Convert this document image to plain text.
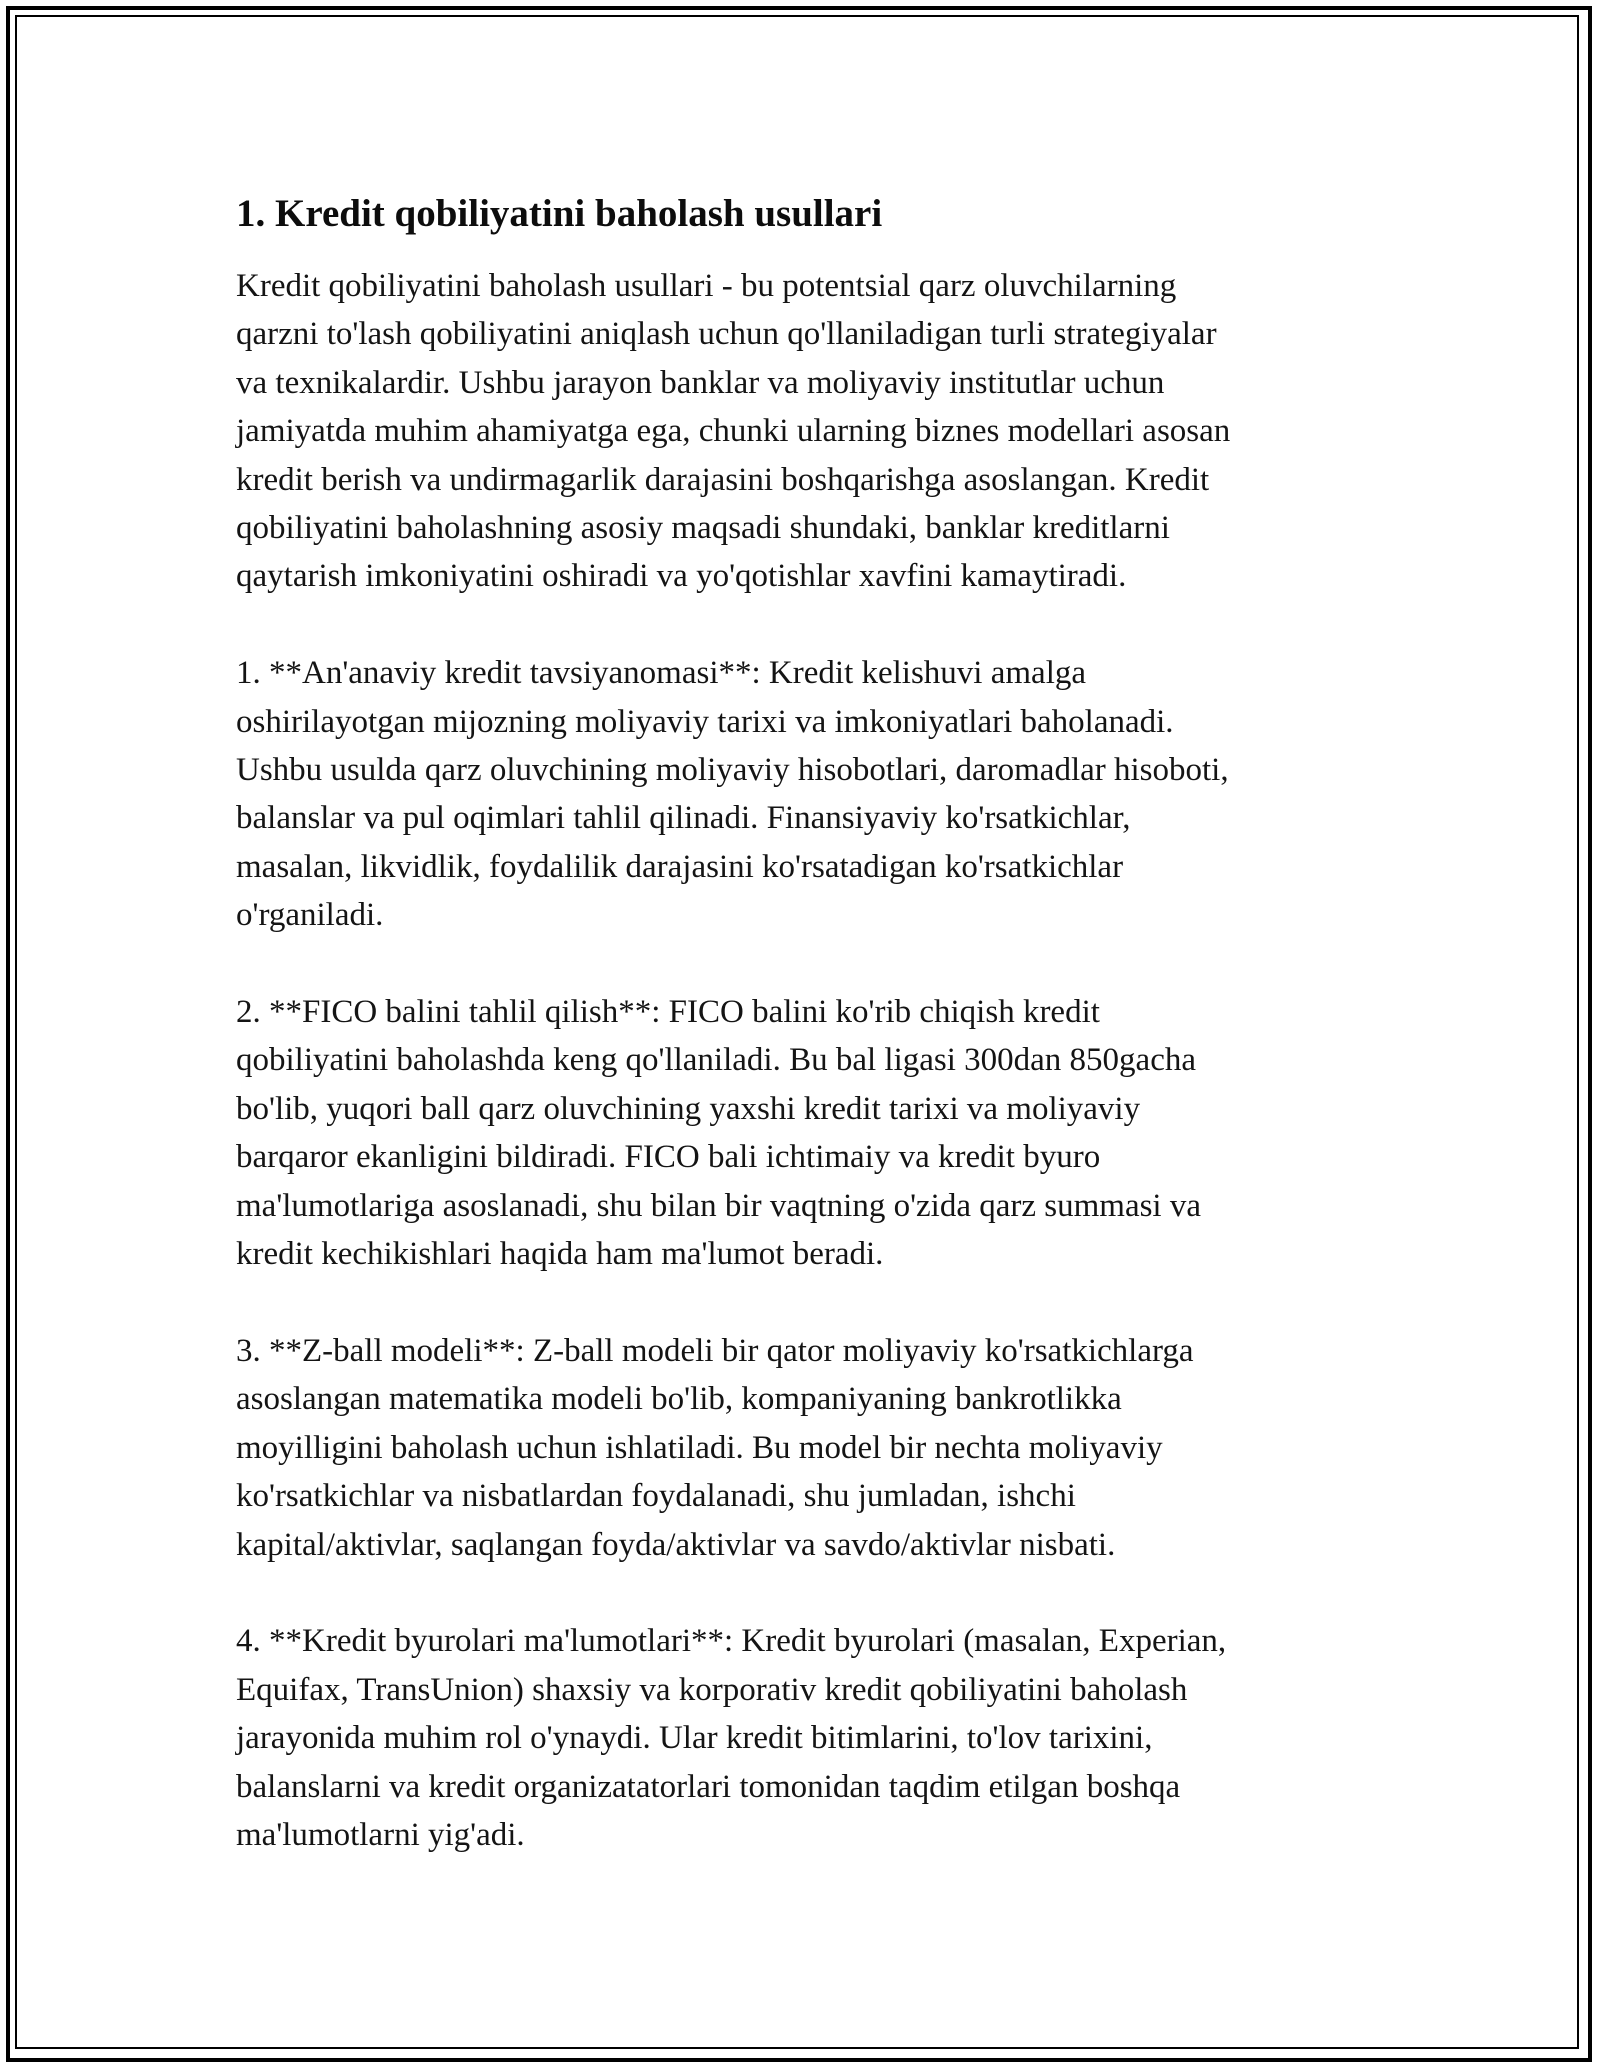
1. Kredit qobiliyatini baholash usullari

Kredit qobiliyatini baholash usullari - bu potentsial qarz oluvchilarning
qarzni to'lash qobiliyatini aniqlash uchun qo'llaniladigan turli strategiyalar
va texnikalardir. Ushbu jarayon banklar va moliyaviy institutlar uchun
jamiyatda muhim ahamiyatga ega, chunki ularning biznes modellari asosan
kredit berish va undirmagarlik darajasini boshqarishga asoslangan. Kredit
qobiliyatini baholashning asosiy maqsadi shundaki, banklar kreditlarni
qaytarish imkoniyatini oshiradi va yo'qotishlar xavfini kamaytiradi.

1. **An'anaviy kredit tavsiyanomasi**: Kredit kelishuvi amalga
oshirilayotgan mijozning moliyaviy tarixi va imkoniyatlari baholanadi.
Ushbu usulda qarz oluvchining moliyaviy hisobotlari, daromadlar hisoboti,
balanslar va pul oqimlari tahlil qilinadi. Finansiyaviy ko'rsatkichlar,
masalan, likvidlik, foydalilik darajasini ko'rsatadigan ko'rsatkichlar
o'rganiladi.

2. **FICO balini tahlil qilish**: FICO balini ko'rib chiqish kredit
qobiliyatini baholashda keng qo'llaniladi. Bu bal ligasi 300dan 850gacha
bo'lib, yuqori ball qarz oluvchining yaxshi kredit tarixi va moliyaviy
barqaror ekanligini bildiradi. FICO bali ichtimaiy va kredit byuro
ma'lumotlariga asoslanadi, shu bilan bir vaqtning o'zida qarz summasi va
kredit kechikishlari haqida ham ma'lumot beradi.

3. **Z-ball modeli**: Z-ball modeli bir qator moliyaviy ko'rsatkichlarga
asoslangan matematika modeli bo'lib, kompaniyaning bankrotlikka
moyilligini baholash uchun ishlatiladi. Bu model bir nechta moliyaviy
ko'rsatkichlar va nisbatlardan foydalanadi, shu jumladan, ishchi
kapital/aktivlar, saqlangan foyda/aktivlar va savdo/aktivlar nisbati.

4. **Kredit byurolari ma'lumotlari**: Kredit byurolari (masalan, Experian,
Equifax, TransUnion) shaxsiy va korporativ kredit qobiliyatini baholash
jarayonida muhim rol o'ynaydi. Ular kredit bitimlarini, to'lov tarixini,
balanslarni va kredit organizatatorlari tomonidan taqdim etilgan boshqa
ma'lumotlarni yig'adi.
